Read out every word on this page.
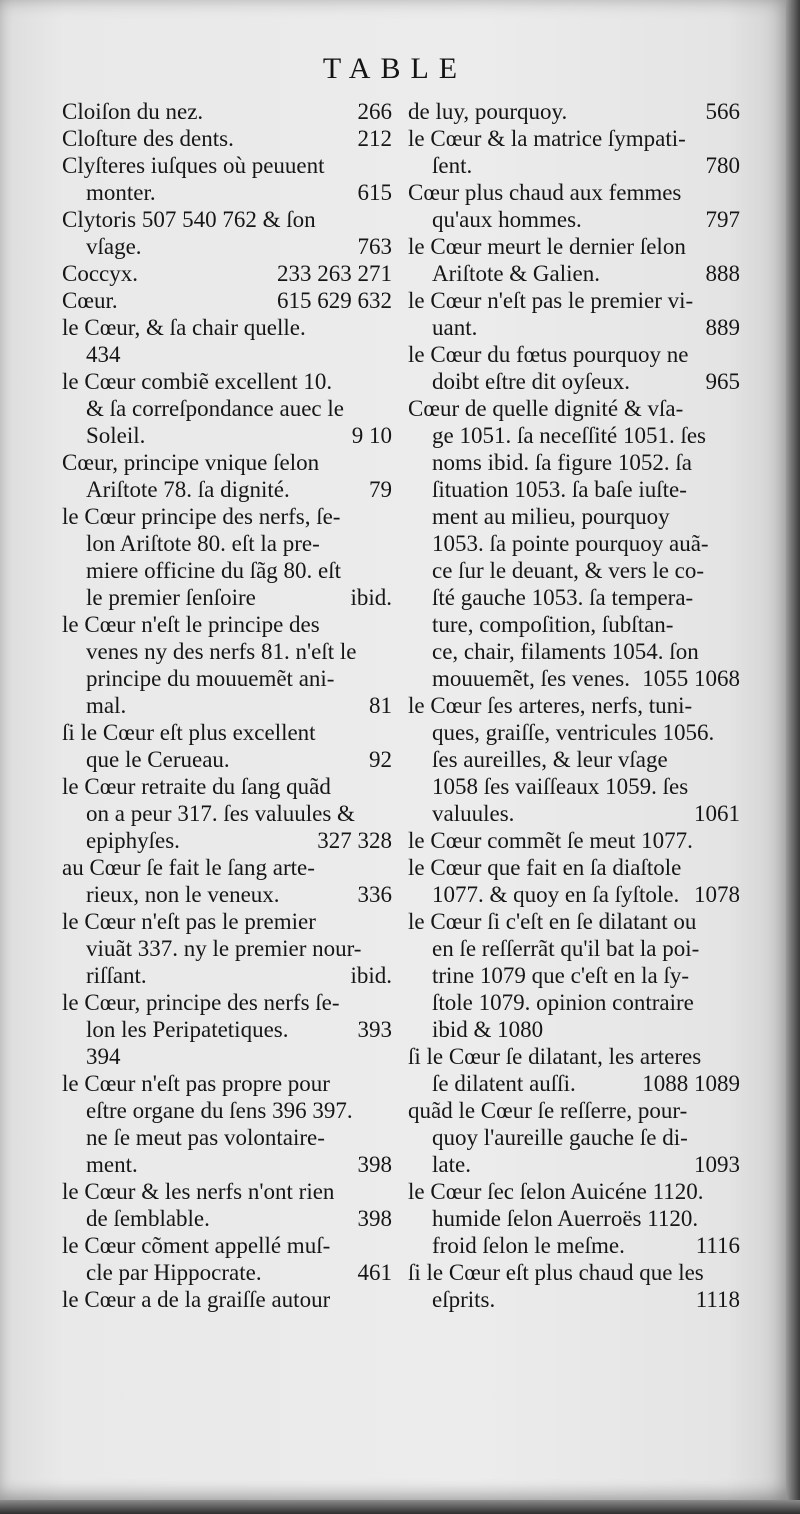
TABLE
Cloiſon du nez.	266
Cloſture des dents.	212
Clyſteres iuſques où peuuent
monter.	615
Clytoris 507 540 762 & ſon
vſage.	763
Coccyx.	233 263 271
Cœur.	615 629 632
le Cœur, & ſa chair quelle.
434
le Cœur combiẽ excellent 10.
& ſa correſpondance auec le
Soleil.	9 10
Cœur, principe vnique ſelon
Ariſtote 78. ſa dignité.	79
le Cœur principe des nerfs, ſe-
lon Ariſtote 80. eſt la pre-
miere officine du ſãg 80. eſt
le premier ſenſoire	ibid.
le Cœur n'eſt le principe des
venes ny des nerfs 81. n'eſt le
principe du mouuemẽt ani-
mal.	81
ſi le Cœur eſt plus excellent
que le Cerueau.	92
le Cœur retraite du ſang quãd
on a peur 317. ſes valuules &
epiphyſes.	327 328
au Cœur ſe fait le ſang arte-
rieux, non le veneux.	336
le Cœur n'eſt pas le premier
viuãt 337. ny le premier nour-
riſſant.	ibid.
le Cœur, principe des nerfs ſe-
lon les Peripatetiques.	393
394
le Cœur n'eſt pas propre pour
eſtre organe du ſens 396 397.
ne ſe meut pas volontaire-
ment.	398
le Cœur & les nerfs n'ont rien
de ſemblable.	398
le Cœur cõment appellé muſ-
cle par Hippocrate.	461
le Cœur a de la graiſſe autour
de luy, pourquoy.	566
le Cœur & la matrice ſympati-
ſent.	780
Cœur plus chaud aux femmes
qu'aux hommes.	797
le Cœur meurt le dernier ſelon
Ariſtote & Galien.	888
le Cœur n'eſt pas le premier vi-
uant.	889
le Cœur du fœtus pourquoy ne
doibt eſtre dit oyſeux.	965
Cœur de quelle dignité & vſa-
ge 1051. ſa neceſſité 1051. ſes
noms ibid. ſa figure 1052. ſa
ſituation 1053. ſa baſe iuſte-
ment au milieu, pourquoy
1053. ſa pointe pourquoy auã-
ce ſur le deuant, & vers le co-
ſté gauche 1053. ſa tempera-
ture, compoſition, ſubſtan-
ce, chair, filaments 1054. ſon
mouuemẽt, ſes venes. 1055 1068
le Cœur ſes arteres, nerfs, tuni-
ques, graiſſe, ventricules 1056.
ſes aureilles, & leur vſage
1058 ſes vaiſſeaux 1059. ſes
valuules.	1061
le Cœur commẽt ſe meut 1077.
le Cœur que fait en ſa diaſtole
1077. & quoy en ſa ſyſtole. 1078
le Cœur ſi c'eſt en ſe dilatant ou
en ſe reſſerrãt qu'il bat la poi-
trine 1079 que c'eſt en la ſy-
ſtole 1079. opinion contraire
ibid & 1080
ſi le Cœur ſe dilatant, les arteres
ſe dilatent auſſi.	1088 1089
quãd le Cœur ſe reſſerre, pour-
quoy l'aureille gauche ſe di-
late.	1093
le Cœur ſec ſelon Auicéne 1120.
humide ſelon Auerroës 1120.
froid ſelon le meſme.	1116
ſi le Cœur eſt plus chaud que les
eſprits.	1118
